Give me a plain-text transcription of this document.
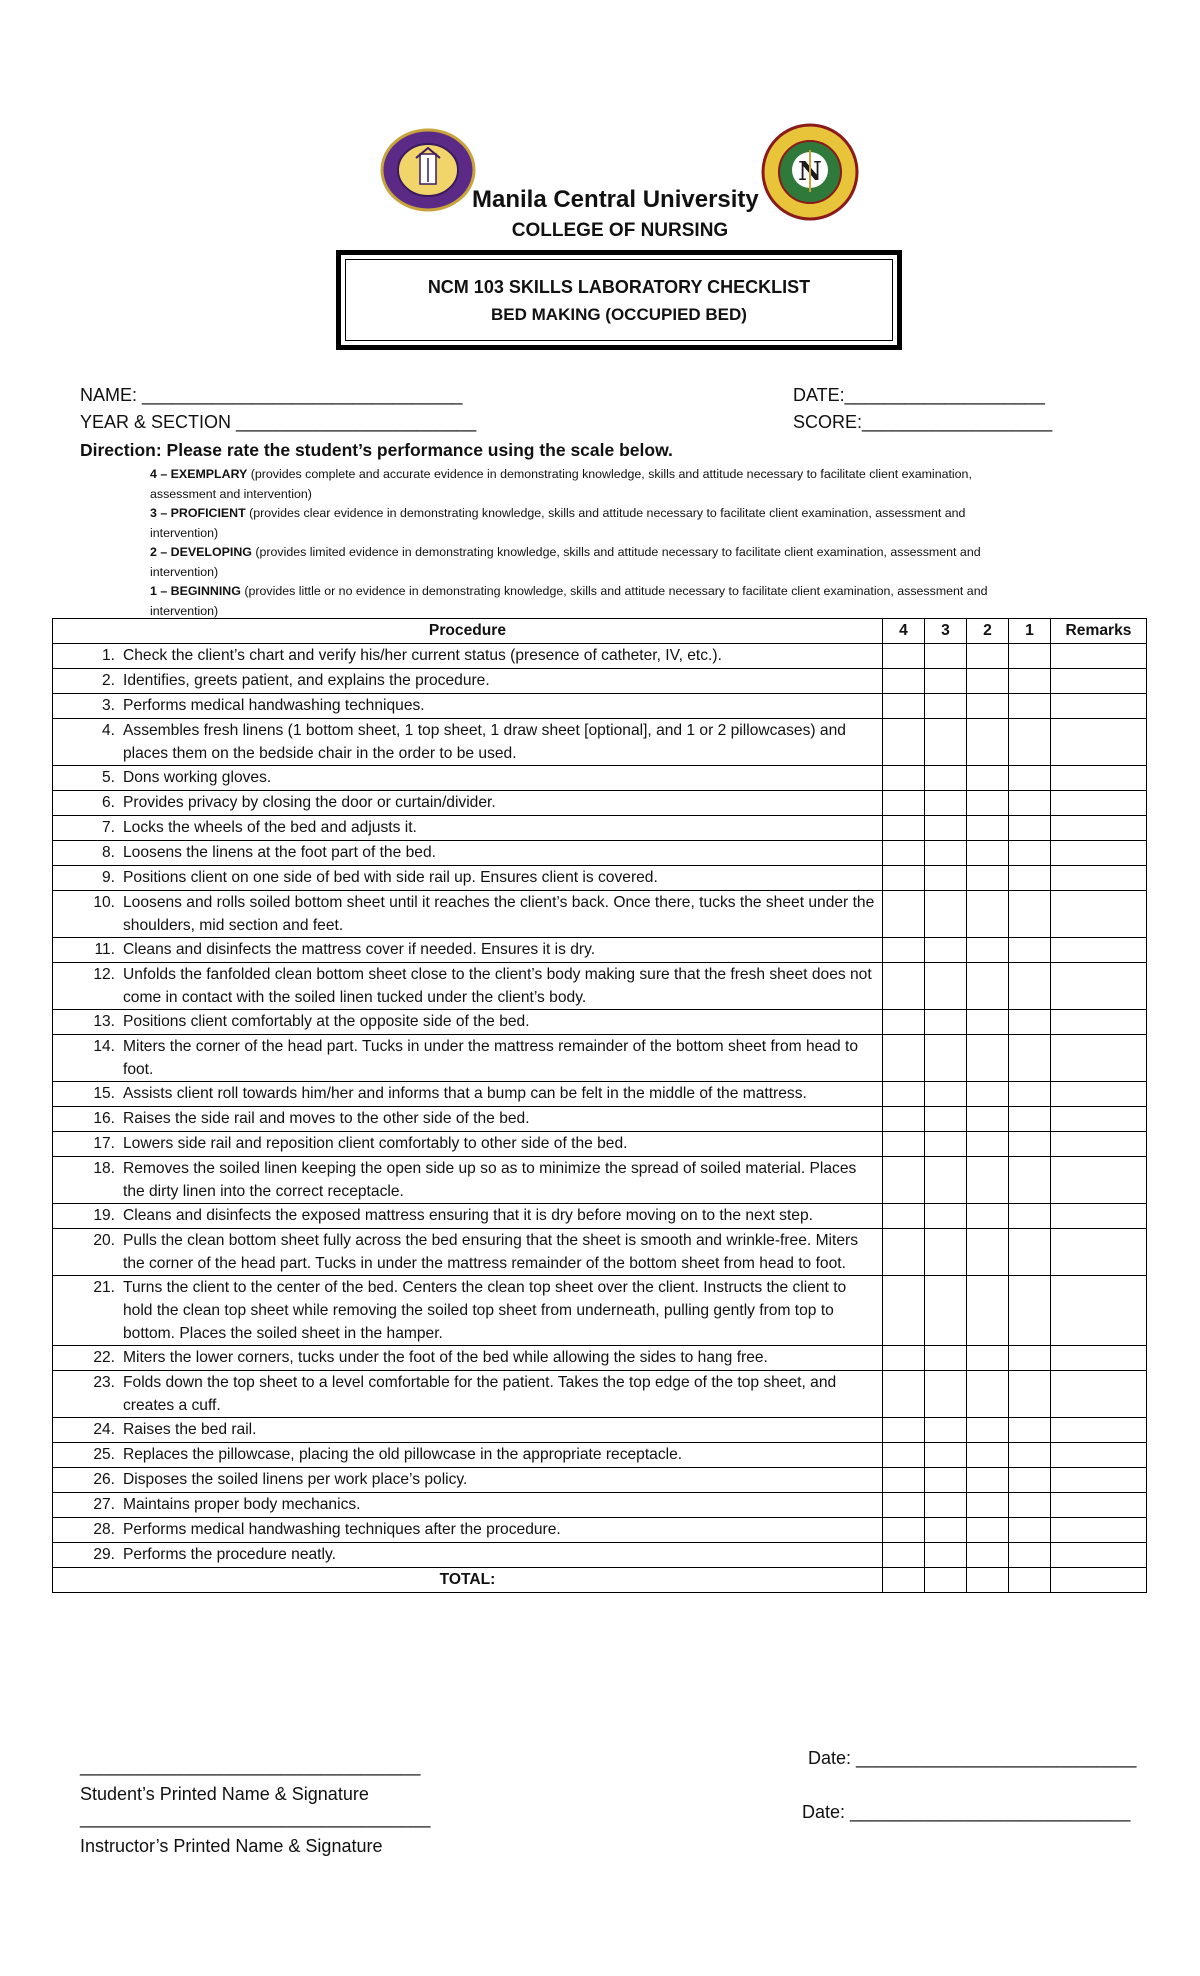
N
Manila Central University
COLLEGE OF NURSING
NCM 103 SKILLS LABORATORY CHECKLIST
BED MAKING (OCCUPIED BED)
NAME: ________________________________
YEAR & SECTION ________________________
DATE:____________________
SCORE:___________________
Direction: Please rate the student’s performance using the scale below.
4 – EXEMPLARY (provides complete and accurate evidence in demonstrating knowledge, skills and attitude necessary to facilitate client examination, assessment and intervention)
3 – PROFICIENT (provides clear evidence in demonstrating knowledge, skills and attitude necessary to facilitate client examination, assessment and intervention)
2 – DEVELOPING (provides limited evidence in demonstrating knowledge, skills and attitude necessary to facilitate client examination, assessment and intervention)
1 – BEGINNING (provides little or no evidence in demonstrating knowledge, skills and attitude necessary to facilitate client examination, assessment and intervention)
Procedure	4	3	2	1	Remarks

1. Check the client’s chart and verify his/her current status (presence of catheter, IV, etc.).					

2. Identifies, greets patient, and explains the procedure.					

3. Performs medical handwashing techniques.					

4. Assembles fresh linens (1 bottom sheet, 1 top sheet, 1 draw sheet [optional], and 1 or 2 pillowcases) and places them on the bedside chair in the order to be used.					

5. Dons working gloves.					

6. Provides privacy by closing the door or curtain/divider.					

7. Locks the wheels of the bed and adjusts it.					

8. Loosens the linens at the foot part of the bed.					

9. Positions client on one side of bed with side rail up. Ensures client is covered.					

10. Loosens and rolls soiled bottom sheet until it reaches the client’s back. Once there, tucks the sheet under the shoulders, mid section and feet.					

11. Cleans and disinfects the mattress cover if needed. Ensures it is dry.					

12. Unfolds the fanfolded clean bottom sheet close to the client’s body making sure that the fresh sheet does not come in contact with the soiled linen tucked under the client’s body.					

13. Positions client comfortably at the opposite side of the bed.					

14. Miters the corner of the head part. Tucks in under the mattress remainder of the bottom sheet from head to foot.					

15. Assists client roll towards him/her and informs that a bump can be felt in the middle of the mattress.					

16. Raises the side rail and moves to the other side of the bed.					

17. Lowers side rail and reposition client comfortably to other side of the bed.					

18. Removes the soiled linen keeping the open side up so as to minimize the spread of soiled material. Places the dirty linen into the correct receptacle.					

19. Cleans and disinfects the exposed mattress ensuring that it is dry before moving on to the next step.					

20. Pulls the clean bottom sheet fully across the bed ensuring that the sheet is smooth and wrinkle-free. Miters the corner of the head part. Tucks in under the mattress remainder of the bottom sheet from head to foot.					

21. Turns the client to the center of the bed. Centers the clean top sheet over the client. Instructs the client to hold the clean top sheet while removing the soiled top sheet from underneath, pulling gently from top to bottom. Places the soiled sheet in the hamper.					

22. Miters the lower corners, tucks under the foot of the bed while allowing the sides to hang free.					

23. Folds down the top sheet to a level comfortable for the patient. Takes the top edge of the top sheet, and creates a cuff.					

24. Raises the bed rail.					

25. Replaces the pillowcase, placing the old pillowcase in the appropriate receptacle.					

26. Disposes the soiled linens per work place’s policy.					

27. Maintains proper body mechanics.					

28. Performs medical handwashing techniques after the procedure.					

29. Performs the procedure neatly.					

TOTAL:					
__________________________________
Student’s Printed Name & Signature
Date: ____________________________
___________________________________
Instructor’s Printed Name & Signature
Date: ____________________________
